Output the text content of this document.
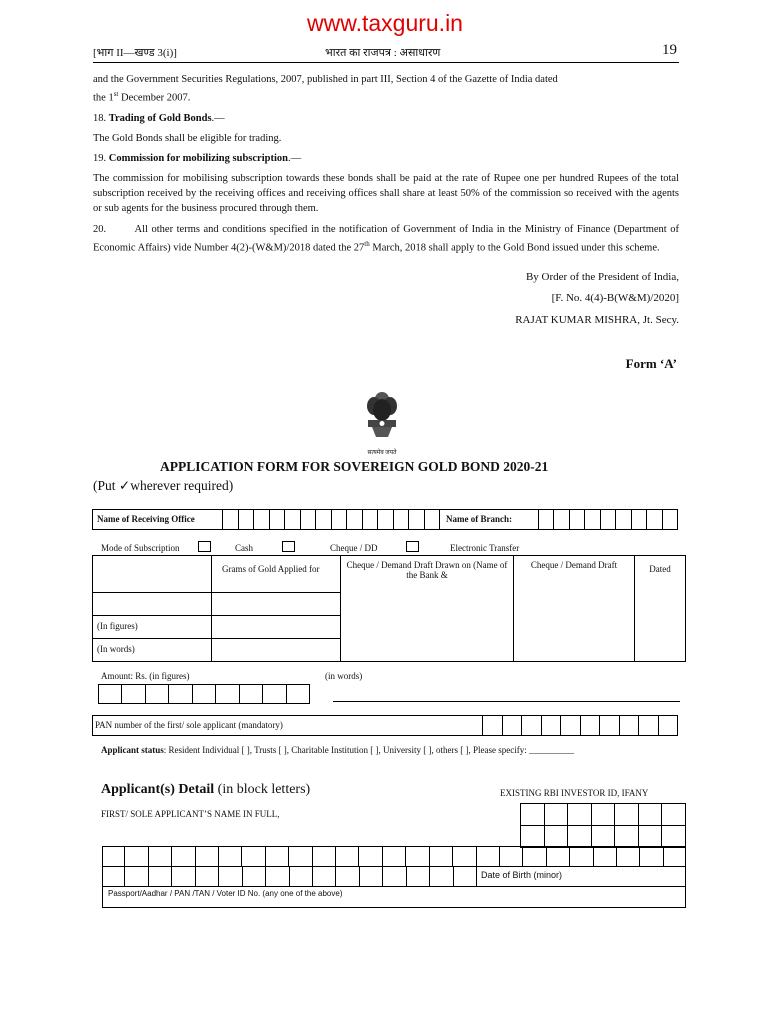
www.taxguru.in
[भाग II—खण्ड 3(i)]	भारत का राजपत्र : असाधारण	19

and the Government Securities Regulations, 2007, published in part III, Section 4 of the Gazette of India dated
the 1st December 2007.

18. Trading of Gold Bonds.—

The Gold Bonds shall be eligible for trading.

19. Commission for mobilizing subscription.—

The commission for mobilising subscription towards these bonds shall be paid at the rate of Rupee one per hundred Rupees of the total subscription received by the receiving offices and receiving offices shall share at least 50% of the commission so received with the agents or sub agents for the business procured through them.

20.	All other terms and conditions specified in the notification of Government of India in the Ministry of Finance (Department of Economic Affairs) vide Number 4(2)-(W&M)/2018 dated the 27th March, 2018 shall apply to the Gold Bond issued under this scheme.

By Order of the President of India,
[F. No. 4(4)-B(W&M)/2020]
RAJAT KUMAR MISHRA, Jt. Secy.
Form ‘A’
सत्यमेव जयते
APPLICATION FORM FOR SOVEREIGN GOLD BOND 2020-21
(Put ✓wherever required)
Name of Receiving Office	Name of Branch:
Mode of Subscription	Cash	Cheque / DD	Electronic Transfer
	Grams of Gold Applied for	Cheque / Demand Draft Drawn on (Name of the Bank &	Cheque / Demand Draft	Dated

(In figures)				
(In words)				
Amount: Rs. (in figures)	(in words)
PAN number of the first/ sole applicant (mandatory)
Applicant status: Resident Individual [ ], Trusts [ ], Charitable Institution [ ], University [ ], others [ ], Please specify: __________
Applicant(s) Detail (in block letters)	EXISTING RBI INVESTOR ID, IFANY
FIRST/ SOLE APPLICANT’S NAME IN FULL,
Date of Birth (minor)
Passport/Aadhar / PAN /TAN / Voter ID No. (any one of the above)
